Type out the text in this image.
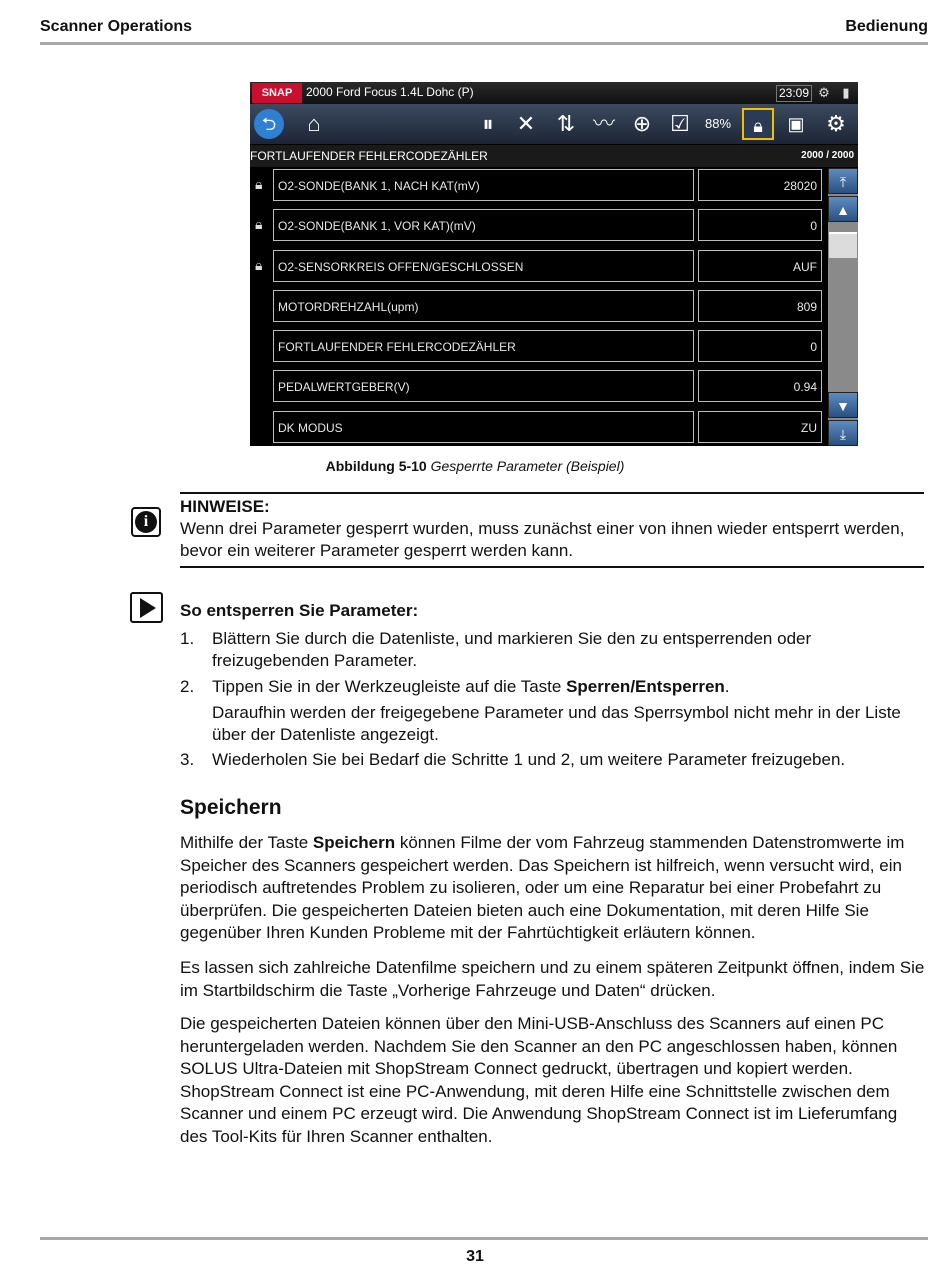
Scanner Operations	Bedienung
SNAP	2000 Ford Focus 1.4L Dohc (P)	23:09 ⚙ ▮
⮌	⌂	⏸	✕ ⇅ 〰 ⊕ ☑	88%	🔒︎	▣ ⚙
FORTLAUFENDER FEHLERCODEZÄHLER	2000 / 2000
🔒︎	O2-SONDE(BANK 1, NACH KAT(mV)	28020
🔒︎	O2-SONDE(BANK 1, VOR KAT)(mV)	0
🔒︎	O2-SENSORKREIS OFFEN/GESCHLOSSEN	AUF
MOTORDREHZAHL(upm)	809
FORTLAUFENDER FEHLERCODEZÄHLER	0
PEDALWERTGEBER(V)	0.94
DK MODUS	ZU
⤒
▲
▼
⤓
Abbildung 5-10 Gesperrte Parameter (Beispiel)
i
HINWEISE:
Wenn drei Parameter gesperrt wurden, muss zunächst einer von ihnen wieder entsperrt werden, bevor ein weiterer Parameter gesperrt werden kann.
So entsperren Sie Parameter:
1. Blättern Sie durch die Datenliste, und markieren Sie den zu entsperrenden oder freizugebenden Parameter.
2. Tippen Sie in der Werkzeugleiste auf die Taste Sperren/Entsperren.
Daraufhin werden der freigegebene Parameter und das Sperrsymbol nicht mehr in der Liste über der Datenliste angezeigt.
3. Wiederholen Sie bei Bedarf die Schritte 1 und 2, um weitere Parameter freizugeben.
Speichern
Mithilfe der Taste Speichern können Filme der vom Fahrzeug stammenden Datenstromwerte im Speicher des Scanners gespeichert werden. Das Speichern ist hilfreich, wenn versucht wird, ein periodisch auftretendes Problem zu isolieren, oder um eine Reparatur bei einer Probefahrt zu überprüfen. Die gespeicherten Dateien bieten auch eine Dokumentation, mit deren Hilfe Sie gegenüber Ihren Kunden Probleme mit der Fahrtüchtigkeit erläutern können.
Es lassen sich zahlreiche Datenfilme speichern und zu einem späteren Zeitpunkt öffnen, indem Sie im Startbildschirm die Taste „Vorherige Fahrzeuge und Daten“ drücken.
Die gespeicherten Dateien können über den Mini-USB-Anschluss des Scanners auf einen PC heruntergeladen werden. Nachdem Sie den Scanner an den PC angeschlossen haben, können SOLUS Ultra-Dateien mit ShopStream Connect gedruckt, übertragen und kopiert werden. ShopStream Connect ist eine PC-Anwendung, mit deren Hilfe eine Schnittstelle zwischen dem Scanner und einem PC erzeugt wird. Die Anwendung ShopStream Connect ist im Lieferumfang des Tool-Kits für Ihren Scanner enthalten.
31
